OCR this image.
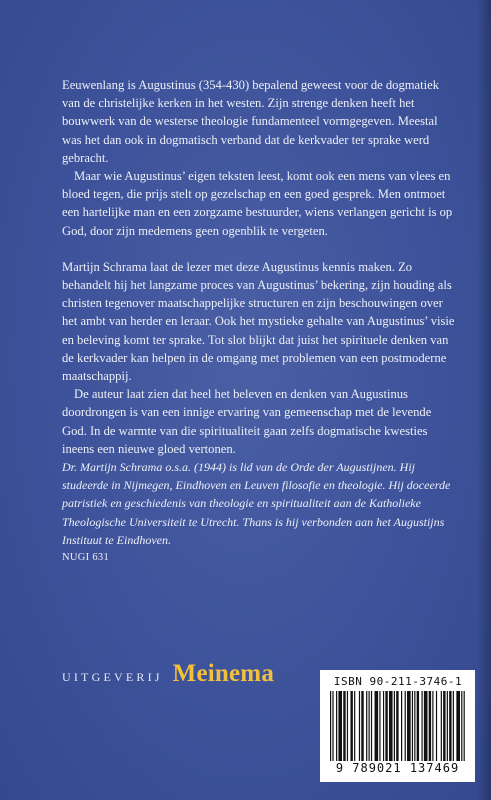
Eeuwenlang is Augustinus (354-430) bepalend geweest voor de dogmatiek van de christelijke kerken in het westen. Zijn strenge denken heeft het bouwwerk van de westerse theologie fundamenteel vormgegeven. Meestal was het dan ook in dogmatisch verband dat de kerkvader ter sprake werd gebracht.

Maar wie Augustinus’ eigen teksten leest, komt ook een mens van vlees en bloed tegen, die prijs stelt op gezelschap en een goed gesprek. Men ontmoet een hartelijke man en een zorgzame bestuurder, wiens verlangen gericht is op God, door zijn medemens geen ogenblik te vergeten.

Martijn Schrama laat de lezer met deze Augustinus kennis maken. Zo behandelt hij het langzame proces van Augustinus’ bekering, zijn houding als christen tegenover maatschappelijke structuren en zijn beschouwingen over het ambt van herder en leraar. Ook het mystieke gehalte van Augustinus’ visie en beleving komt ter sprake. Tot slot blijkt dat juist het spirituele denken van de kerkvader kan helpen in de omgang met problemen van een postmoderne maatschappij.

De auteur laat zien dat heel het beleven en denken van Augustinus doordrongen is van een innige ervaring van gemeenschap met de levende God. In de warmte van die spiritualiteit gaan zelfs dogmatische kwesties ineens een nieuwe gloed vertonen.

Dr. Martijn Schrama o.s.a. (1944) is lid van de Orde der Augustijnen. Hij studeerde in Nijmegen, Eindhoven en Leuven filosofie en theologie. Hij doceerde patristiek en geschiedenis van theologie en spiritualiteit aan de Katholieke Theologische Universiteit te Utrecht. Thans is hij verbonden aan het Augustijns Instituut te Eindhoven.

NUGI 631

UITGEVERIJ Meinema	ISBN 90-211-3746-1
9 789021 137469
